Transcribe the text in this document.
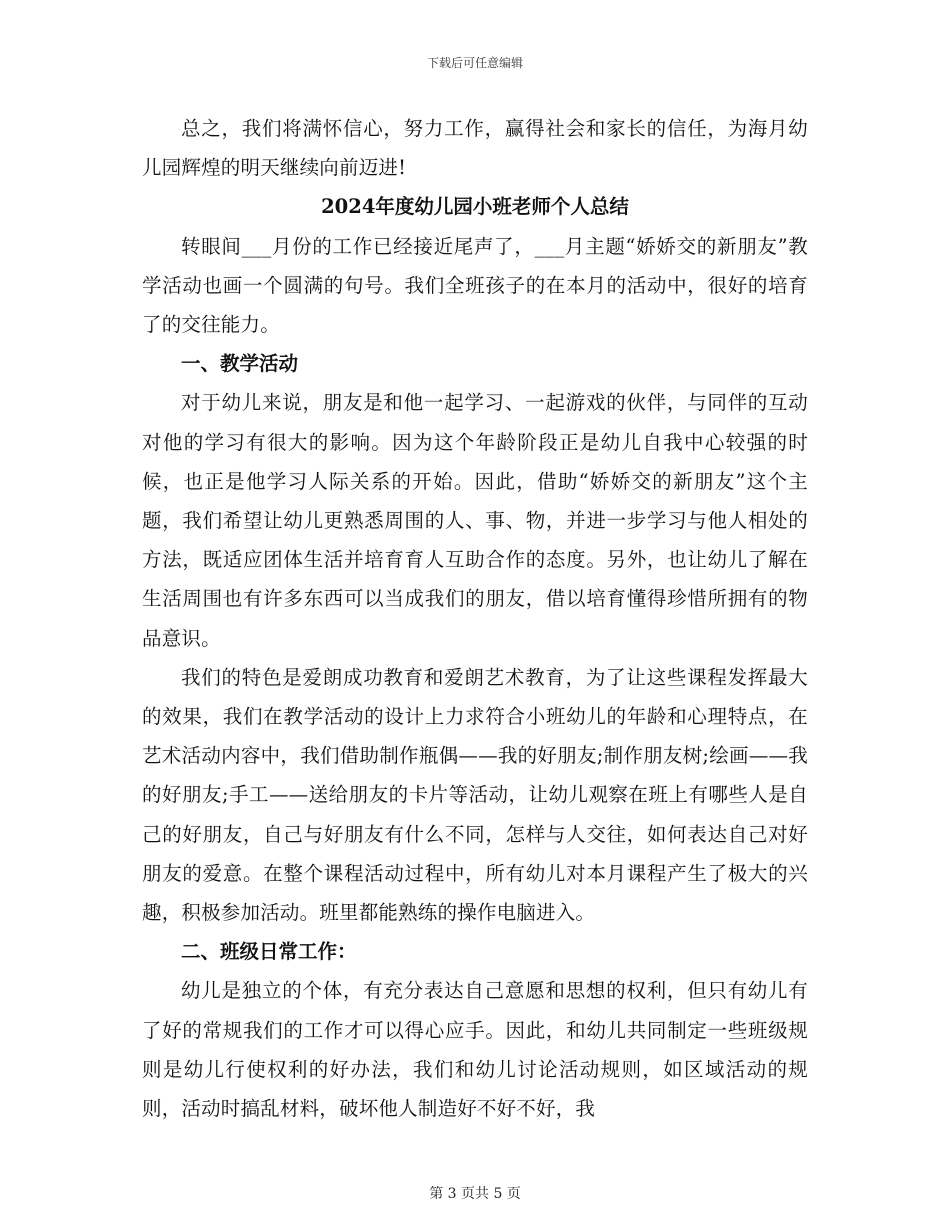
下载后可任意编辑

总之，我们将满怀信心，努力工作，赢得社会和家长的信任，为海月幼儿园辉煌的明天继续向前迈进!

2024年度幼儿园小班老师个人总结

转眼间___月份的工作已经接近尾声了，___月主题“娇娇交的新朋友”教学活动也画一个圆满的句号。我们全班孩子的在本月的活动中，很好的培育了的交往能力。

一、教学活动

对于幼儿来说，朋友是和他一起学习、一起游戏的伙伴，与同伴的互动对他的学习有很大的影响。因为这个年龄阶段正是幼儿自我中心较强的时候，也正是他学习人际关系的开始。因此，借助“娇娇交的新朋友”这个主题，我们希望让幼儿更熟悉周围的人、事、物，并进一步学习与他人相处的方法，既适应团体生活并培育育人互助合作的态度。另外，也让幼儿了解在生活周围也有许多东西可以当成我们的朋友，借以培育懂得珍惜所拥有的物品意识。

我们的特色是爱朗成功教育和爱朗艺术教育，为了让这些课程发挥最大的效果，我们在教学活动的设计上力求符合小班幼儿的年龄和心理特点，在艺术活动内容中，我们借助制作瓶偶——我的好朋友;制作朋友树;绘画——我的好朋友;手工——送给朋友的卡片等活动，让幼儿观察在班上有哪些人是自己的好朋友，自己与好朋友有什么不同，怎样与人交往，如何表达自己对好朋友的爱意。在整个课程活动过程中，所有幼儿对本月课程产生了极大的兴趣，积极参加活动。班里都能熟练的操作电脑进入。

二、班级日常工作：

幼儿是独立的个体，有充分表达自己意愿和思想的权利，但只有幼儿有了好的常规我们的工作才可以得心应手。因此，和幼儿共同制定一些班级规则是幼儿行使权利的好办法，我们和幼儿讨论活动规则，如区域活动的规则，活动时搞乱材料，破坏他人制造好不好不好，我

第 3 页共 5 页
